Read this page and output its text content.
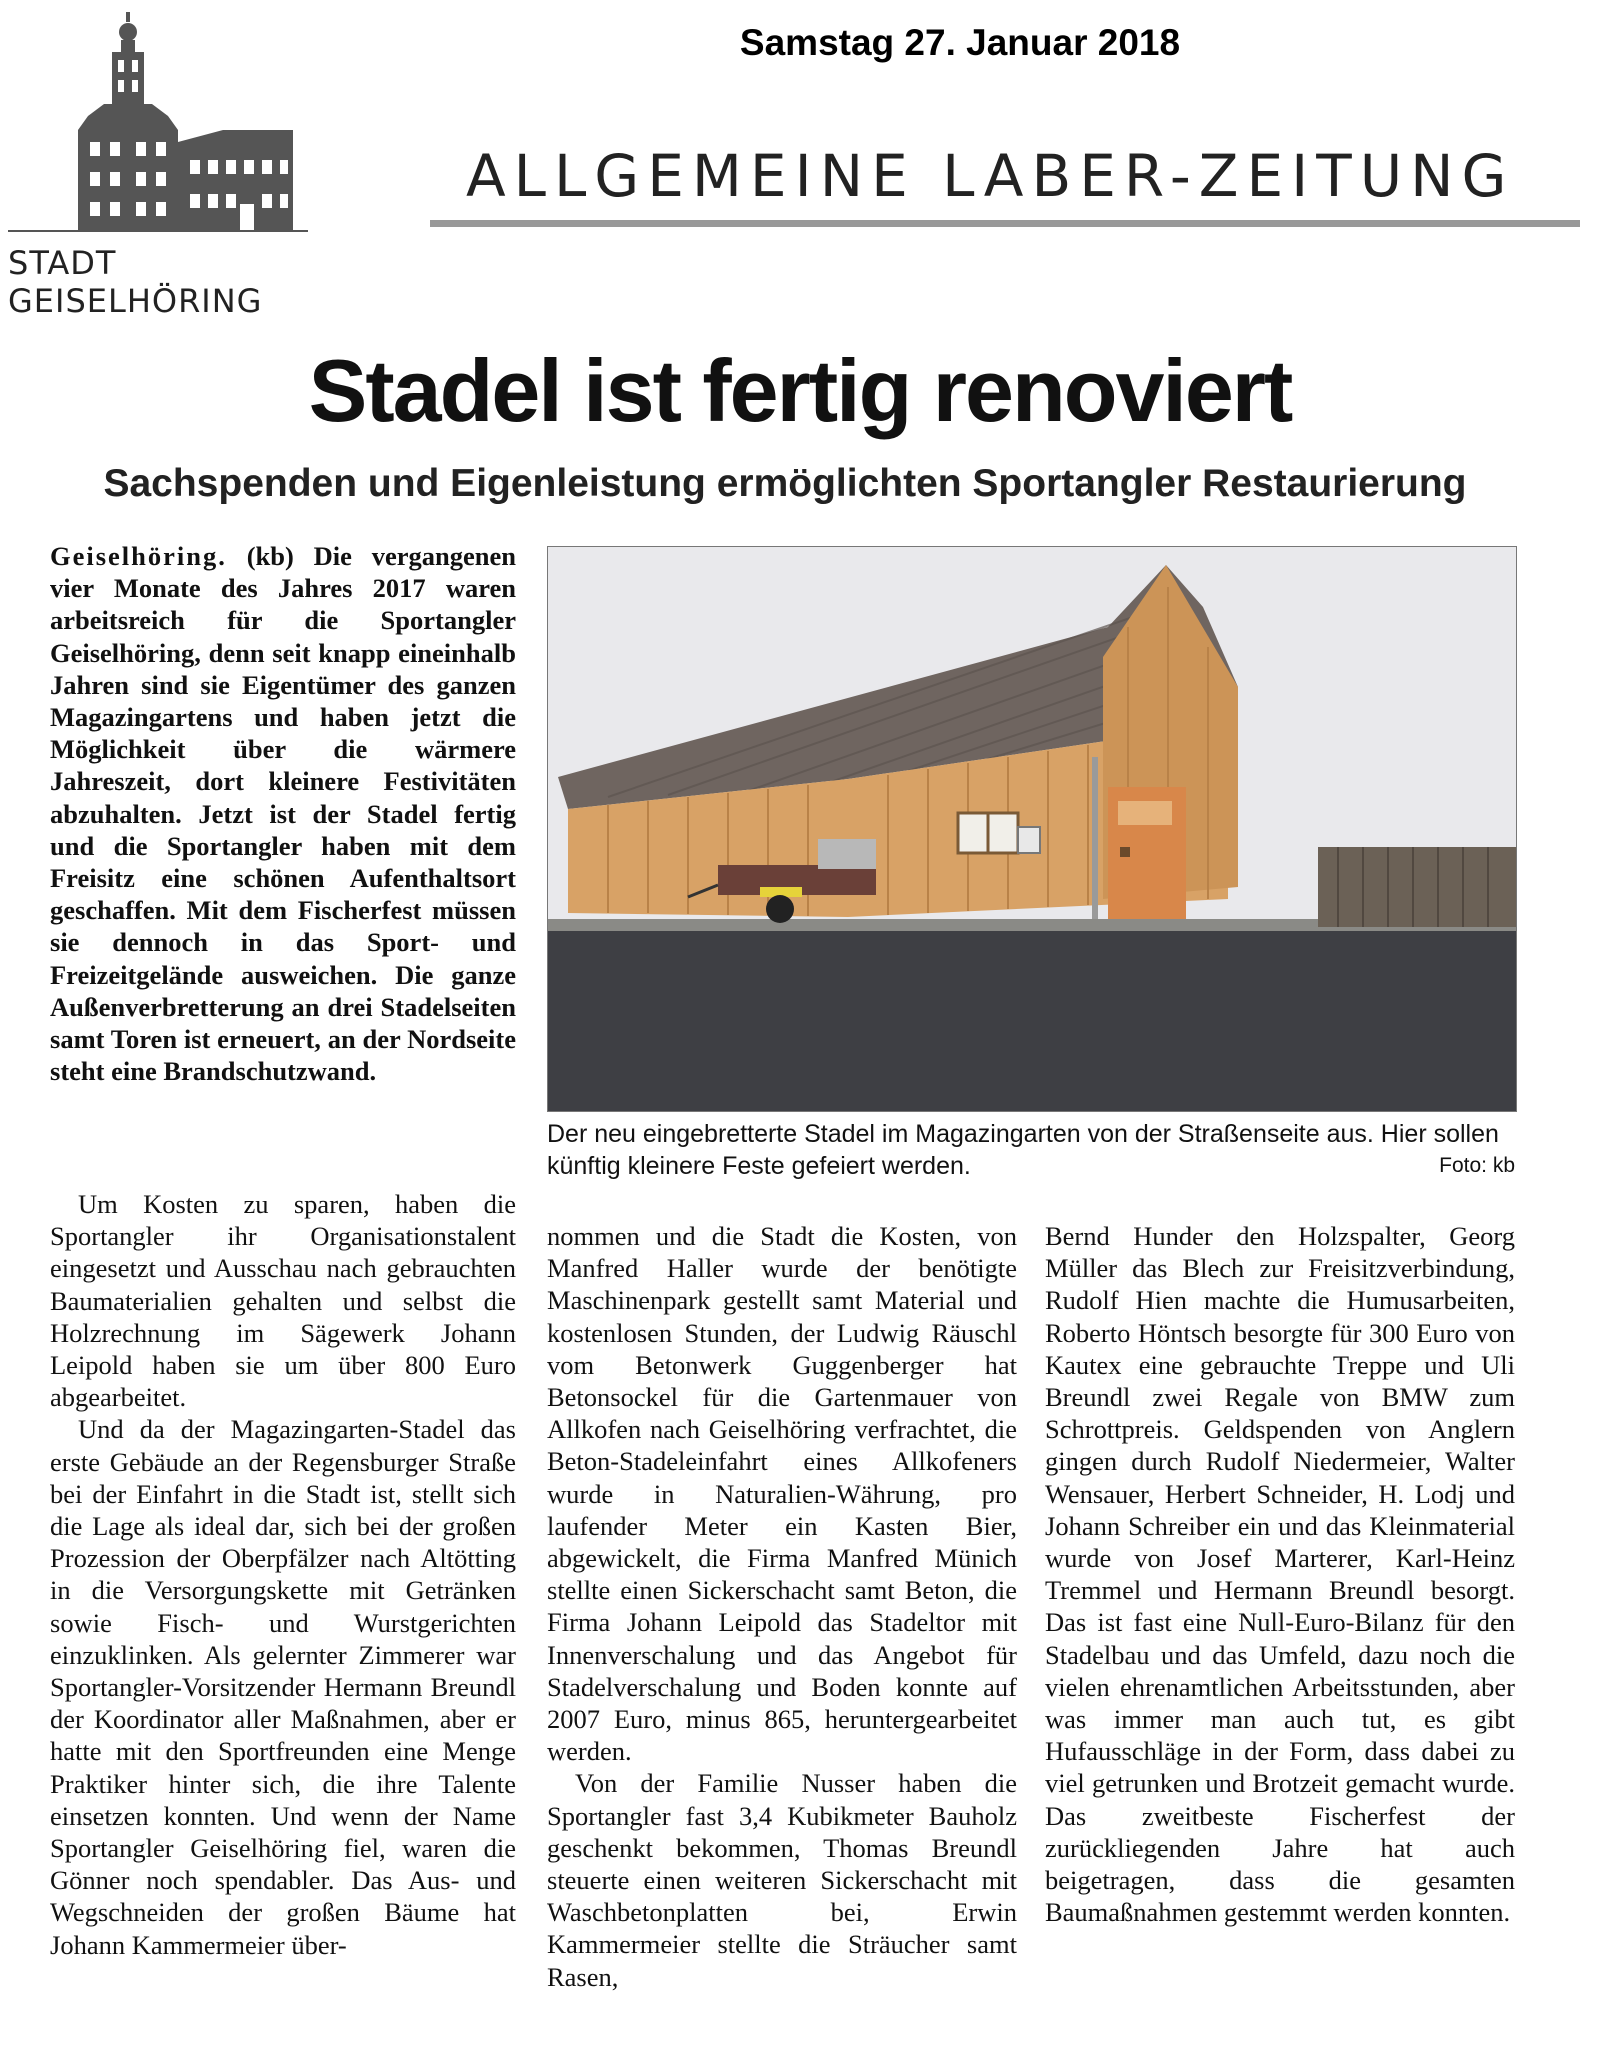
STADT GEISELHÖRING
Samstag 27. Januar 2018
ALLGEMEINE LABER-ZEITUNG
Stadel ist fertig renoviert
Sachspenden und Eigenleistung ermöglichten Sportangler Restaurierung

Geiselhöring. (kb) Die vergangenen vier Monate des Jahres 2017 waren arbeitsreich für die Sportangler Geiselhöring, denn seit knapp eineinhalb Jahren sind sie Eigentümer des ganzen Magazingartens und haben jetzt die Möglichkeit über die wärmere Jahreszeit, dort kleinere Festivitäten abzuhalten. Jetzt ist der Stadel fertig und die Sportangler haben mit dem Freisitz eine schönen Aufenthaltsort geschaffen. Mit dem Fischerfest müssen sie dennoch in das Sport- und Freizeitgelände ausweichen. Die ganze Außenverbretterung an drei Stadelseiten samt Toren ist erneuert, an der Nordseite steht eine Brandschutzwand.

Der neu eingebretterte Stadel im Magazingarten von der Straßenseite aus. Hier sollen künftig kleinere Feste gefeiert werden.	Foto: kb

Um Kosten zu sparen, haben die Sportangler ihr Organisationstalent eingesetzt und Ausschau nach gebrauchten Baumaterialien gehalten und selbst die Holzrechnung im Sägewerk Johann Leipold haben sie um über 800 Euro abgearbeitet.

Und da der Magazingarten-Stadel das erste Gebäude an der Regensburger Straße bei der Einfahrt in die Stadt ist, stellt sich die Lage als ideal dar, sich bei der großen Prozession der Oberpfälzer nach Altötting in die Versorgungskette mit Getränken sowie Fisch- und Wurstgerichten einzuklinken. Als gelernter Zimmerer war Sportangler-Vorsitzender Hermann Breundl der Koordinator aller Maßnahmen, aber er hatte mit den Sportfreunden eine Menge Praktiker hinter sich, die ihre Talente einsetzen konnten. Und wenn der Name Sportangler Geiselhöring fiel, waren die Gönner noch spendabler. Das Aus- und Wegschneiden der großen Bäume hat Johann Kammermeier über-

nommen und die Stadt die Kosten, von Manfred Haller wurde der benötigte Maschinenpark gestellt samt Material und kostenlosen Stunden, der Ludwig Räuschl vom Betonwerk Guggenberger hat Betonsockel für die Gartenmauer von Allkofen nach Geiselhöring verfrachtet, die Beton-Stadeleinfahrt eines Allkofeners wurde in Naturalien-Währung, pro laufender Meter ein Kasten Bier, abgewickelt, die Firma Manfred Münich stellte einen Sickerschacht samt Beton, die Firma Johann Leipold das Stadeltor mit Innenverschalung und das Angebot für Stadelverschalung und Boden konnte auf 2007 Euro, minus 865, heruntergearbeitet werden.

Von der Familie Nusser haben die Sportangler fast 3,4 Kubikmeter Bauholz geschenkt bekommen, Thomas Breundl steuerte einen weiteren Sickerschacht mit Waschbetonplatten bei, Erwin Kammermeier stellte die Sträucher samt Rasen,

Bernd Hunder den Holzspalter, Georg Müller das Blech zur Freisitzverbindung, Rudolf Hien machte die Humusarbeiten, Roberto Höntsch besorgte für 300 Euro von Kautex eine gebrauchte Treppe und Uli Breundl zwei Regale von BMW zum Schrottpreis. Geldspenden von Anglern gingen durch Rudolf Niedermeier, Walter Wensauer, Herbert Schneider, H. Lodj und Johann Schreiber ein und das Kleinmaterial wurde von Josef Marterer, Karl-Heinz Tremmel und Hermann Breundl besorgt. Das ist fast eine Null-Euro-Bilanz für den Stadelbau und das Umfeld, dazu noch die vielen ehrenamtlichen Arbeitsstunden, aber was immer man auch tut, es gibt Hufausschläge in der Form, dass dabei zu viel getrunken und Brotzeit gemacht wurde. Das zweitbeste Fischerfest der zurückliegenden Jahre hat auch beigetragen, dass die gesamten Baumaßnahmen gestemmt werden konnten.
